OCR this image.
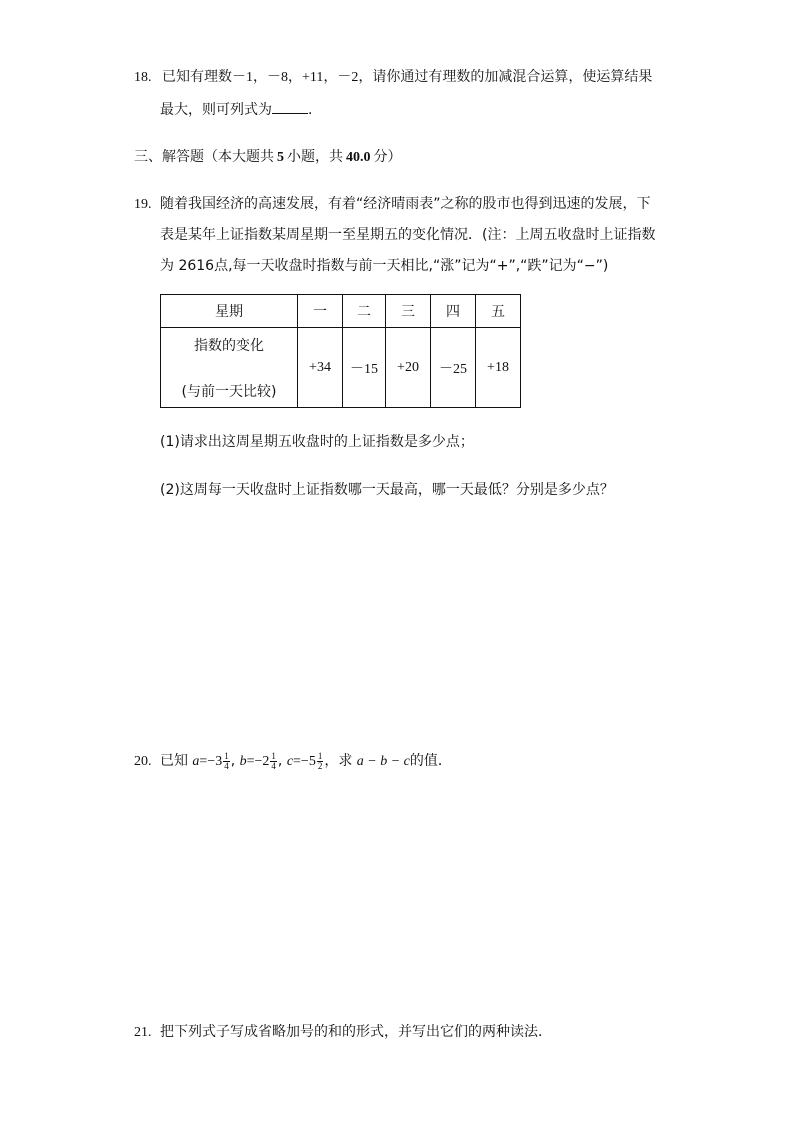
18. 已知有理数－1，－8，+11，－2，请你通过有理数的加减混合运算，使运算结果
最大，则可列式为	.
三、解答题（本大题共 5 小题，共 40.0 分）
19. 随着我国经济的高速发展，有着“经济晴雨表”之称的股市也得到迅速的发展，下
表是某年上证指数某周星期一至星期五的变化情况．(注：上周五收盘时上证指数
为 2616点,每一天收盘时指数与前一天相比,“涨”记为“+”,“跌”记为“−”)
星期	一	二	三	四	五

指数的变化
(与前一天比较)	+34	－15	+20	－25	+18
(1)请求出这周星期五收盘时的上证指数是多少点；
(2)这周每一天收盘时上证指数哪一天最高，哪一天最低？分别是多少点？
20. 已知 $a=-3 \frac{1}{4}$ , $b=-2 \frac{1}{4}$ , $c=-5 \frac{1}{2}$ ，求 a − b − c的值．
21. 把下列式子写成省略加号的和的形式，并写出它们的两种读法．
